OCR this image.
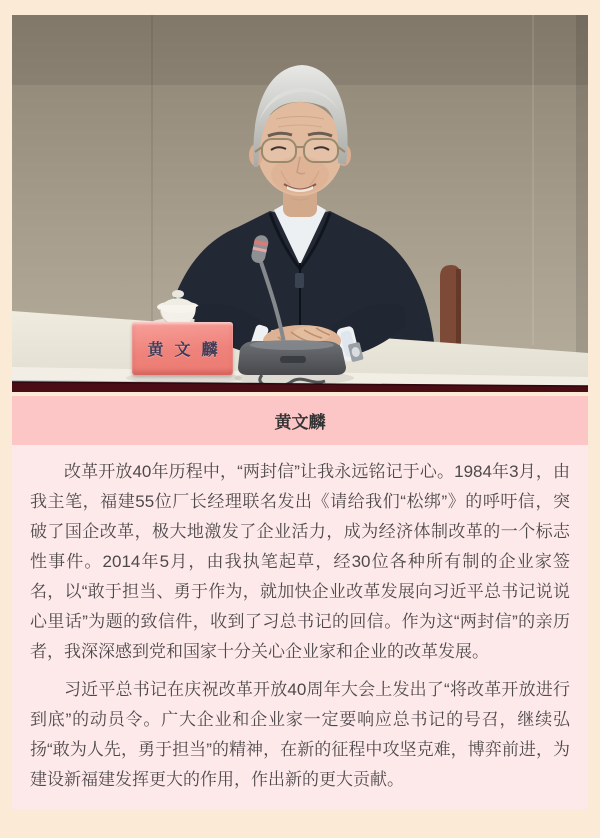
黄文麟
黄文麟

改革开放40年历程中，“两封信”让我永远铭记于心。1984年3月，由我主笔，福建55位厂长经理联名发出《请给我们“松绑”》的呼吁信，突破了国企改革，极大地激发了企业活力，成为经济体制改革的一个标志性事件。2014年5月，由我执笔起草，经30位各种所有制的企业家签名，以“敢于担当、勇于作为，就加快企业改革发展向习近平总书记说说心里话”为题的致信件，收到了习总书记的回信。作为这“两封信”的亲历者，我深深感到党和国家十分关心企业家和企业的改革发展。

习近平总书记在庆祝改革开放40周年大会上发出了“将改革开放进行到底”的动员令。广大企业和企业家一定要响应总书记的号召，继续弘扬“敢为人先，勇于担当”的精神，在新的征程中攻坚克难，博弈前进，为建设新福建发挥更大的作用，作出新的更大贡献。
